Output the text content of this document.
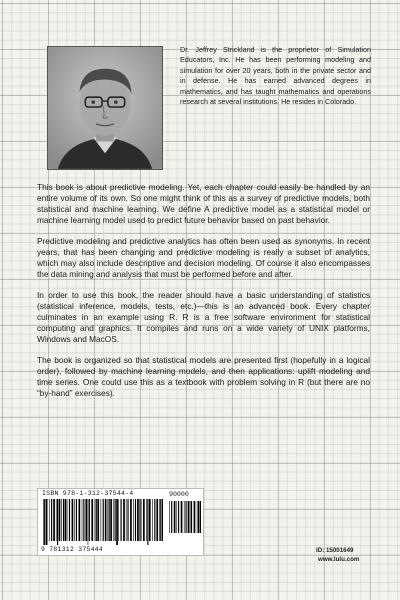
Dr. Jeffrey Strickland is the proprietor of Simulation Educators, Inc. He has been performing modeling and simulation for over 20 years, both in the private sector and in defense. He has earned advanced degrees in mathematics, and has taught mathematics and operations research at several institutions. He resides in Colorado.

This book is about predictive modeling. Yet, each chapter could easily be handled by an entire volume of its own. So one might think of this as a survey of predictive models, both statistical and machine learning. We define A predictive model as a statistical model or machine learning model used to predict future behavior based on past behavior.

Predictive modeling and predictive analytics has often been used as synonyms. In recent years, that has been changing and predictive modeling is really a subset of analytics, which may also include descriptive and decision modeling. Of course it also encompasses the data mining and analysis that must be performed before and after.

In order to use this book, the reader should have a basic understanding of statistics (statistical inference, models, tests, etc.)—this is an advanced book. Every chapter culminates in an example using R. R is a free software environment for statistical computing and graphics. It compiles and runs on a wide variety of UNIX platforms, Windows and MacOS.

The book is organized so that statistical models are presented first (hopefully in a logical order), followed by machine learning models, and then applications: uplift modeling and time series. One could use this as a textbook with problem solving in R (but there are no “by-hand” exercises).

ISBN 978-1-312-37544-4	90000
9 781312 375444	ID: 15001649
www.lulu.com
